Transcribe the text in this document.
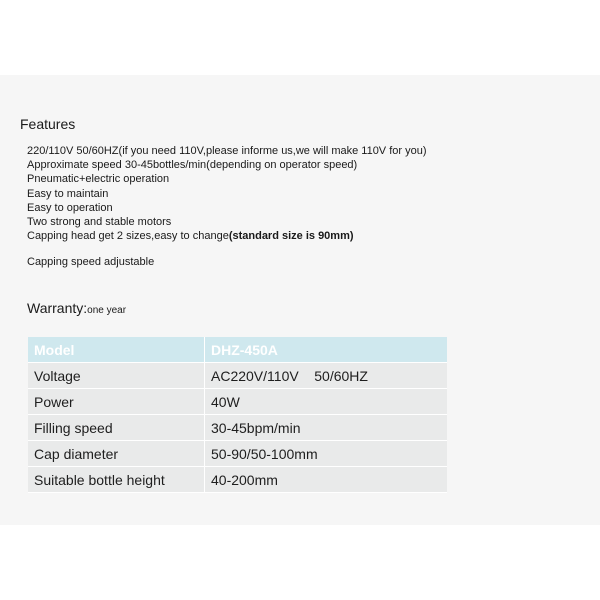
Features
220/110V 50/60HZ(if you need 110V,please informe us,we will make 110V for you)
Approximate speed 30-45bottles/min(depending on operator speed)
Pneumatic+electric operation
Easy to maintain
Easy to operation
Two strong and stable motors
Capping head get 2 sizes,easy to change(standard size is 90mm)
Capping speed adjustable
Warranty:one year
Model	DHZ-450A
Voltage	AC220V/110V    50/60HZ
Power	40W
Filling speed	30-45bpm/min
Cap diameter	50-90/50-100mm
Suitable bottle height	40-200mm
